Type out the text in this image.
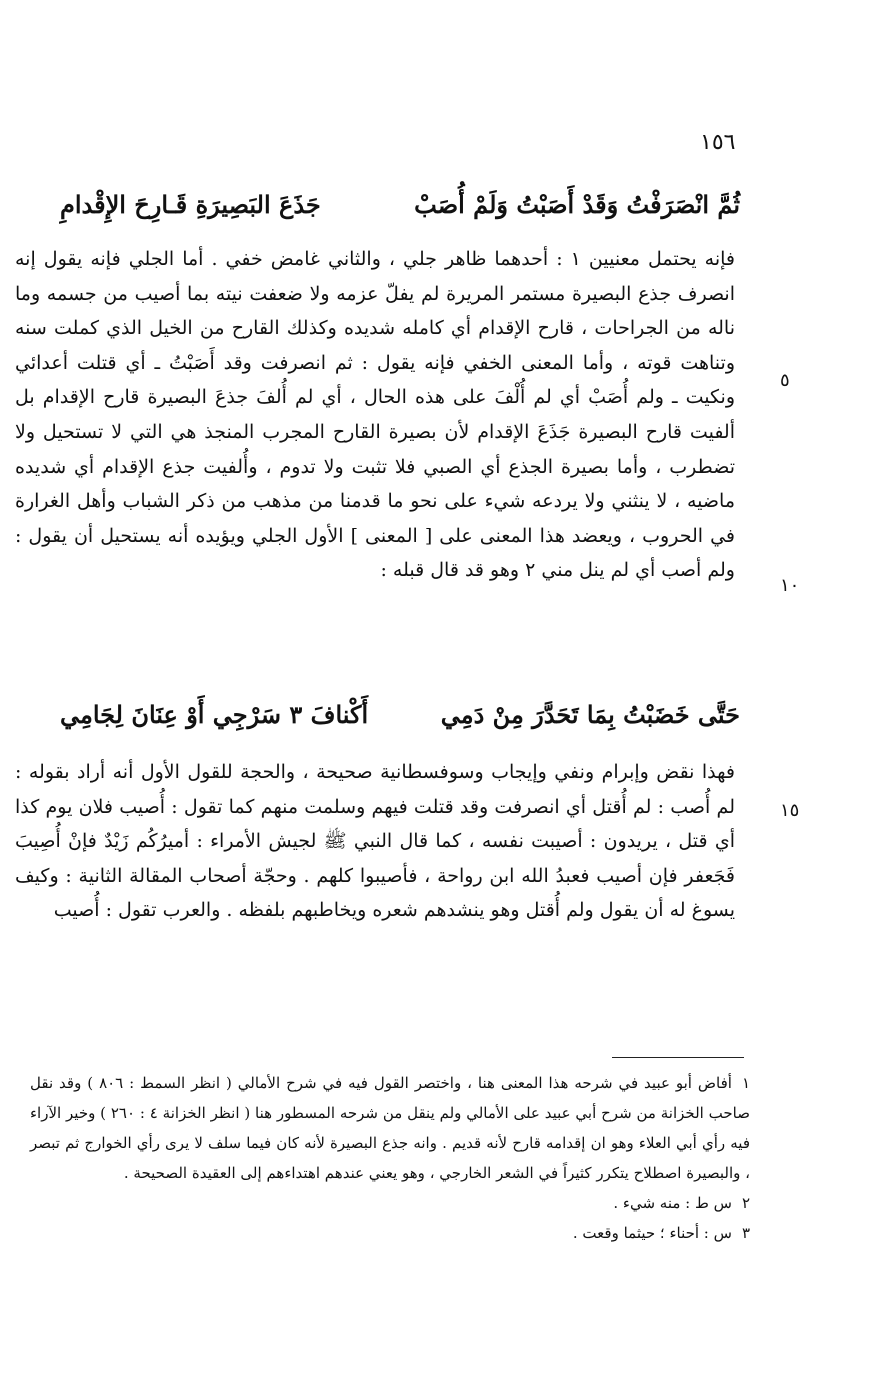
١٥٦
ثُمَّ انْصَرَفْتُ وَقَدْ أَصَبْتُ وَلَمْ أُصَبْ
جَذَعَ البَصِيرَةِ قَـارِحَ الإِقْدامِ
فإنه يحتمل معنيين ١ : أحدهما ظاهر جلي ، والثاني غامض خفي . أما الجلي فإنه يقول إنه انصرف جذع البصيرة مستمر المريرة لم يفلّ عزمه ولا ضعفت نيته بما أصيب من جسمه وما ناله من الجراحات ، قارح الإقدام أي كامله شديده وكذلك القارح من الخيل الذي كملت سنه وتناهت قوته ، وأما المعنى الخفي فإنه يقول : ثم انصرفت وقد أَصَبْتُ ـ أي قتلت أعدائي ونكيت ـ ولم أُصَبْ أي لم أُلْفَ على هذه الحال ، أي لم أُلفَ جذعَ البصيرة قارح الإقدام بل ألفيت قارح البصيرة جَذَعَ الإقدام لأن بصيرة القارح المجرب المنجذ هي التي لا تستحيل ولا تضطرب ، وأما بصيرة الجذع أي الصبي فلا تثبت ولا تدوم ، وأُلفيت جذع الإقدام أي شديده ماضيه ، لا ينثني ولا يردعه شيء على نحو ما قدمنا من مذهب من ذكر الشباب وأهل الغرارة في الحروب ، ويعضد هذا المعنى على [ المعنى ] الأول الجلي ويؤيده أنه يستحيل أن يقول : ولم أصب أي لم ينل مني ٢ وهو قد قال قبله :
٥
١٠
حَتَّى خَضَبْتُ بِمَا تَحَدَّرَ مِنْ دَمِي
أَكْنافَ ٣ سَرْجِي أَوْ عِنَانَ لِجَامِي
فهذا نقض وإبرام ونفي وإيجاب وسوفسطانية صحيحة ، والحجة للقول الأول أنه أراد بقوله : لم أُصب : لم أُقتل أي انصرفت وقد قتلت فيهم وسلمت منهم كما تقول : أُصيب فلان يوم كذا أي قتل ، يريدون : أصيبت نفسه ، كما قال النبي ﷺ لجيش الأمراء : أميرُكُم زَيْدٌ فإنْ أُصِيبَ فَجَعفر فإن أصيب فعبدُ الله ابن رواحة ، فأصيبوا كلهم . وحجّة أصحاب المقالة الثانية : وكيف يسوغ له أن يقول ولم أُقتل وهو ينشدهم شعره ويخاطبهم بلفظه . والعرب تقول : أُصيب
١٥
١أفاض أبو عبيد في شرحه هذا المعنى هنا ، واختصر القول فيه في شرح الأمالي ( انظر السمط : ٨٠٦ ) وقد نقل صاحب الخزانة من شرح أبي عبيد على الأمالي ولم ينقل من شرحه المسطور هنا ( انظر الخزانة ٤ : ٢٦٠ ) وخير الآراء فيه رأي أبي العلاء وهو ان إقدامه قارح لأنه قديم . وانه جذع البصيرة لأنه كان فيما سلف لا يرى رأي الخوارج ثم تبصر ، والبصيرة اصطلاح يتكرر كثيراً في الشعر الخارجي ، وهو يعني عندهم اهتداءهم إلى العقيدة الصحيحة .
٢س ط : منه شيء .
٣س : أحناء ؛ حيثما وقعت .
